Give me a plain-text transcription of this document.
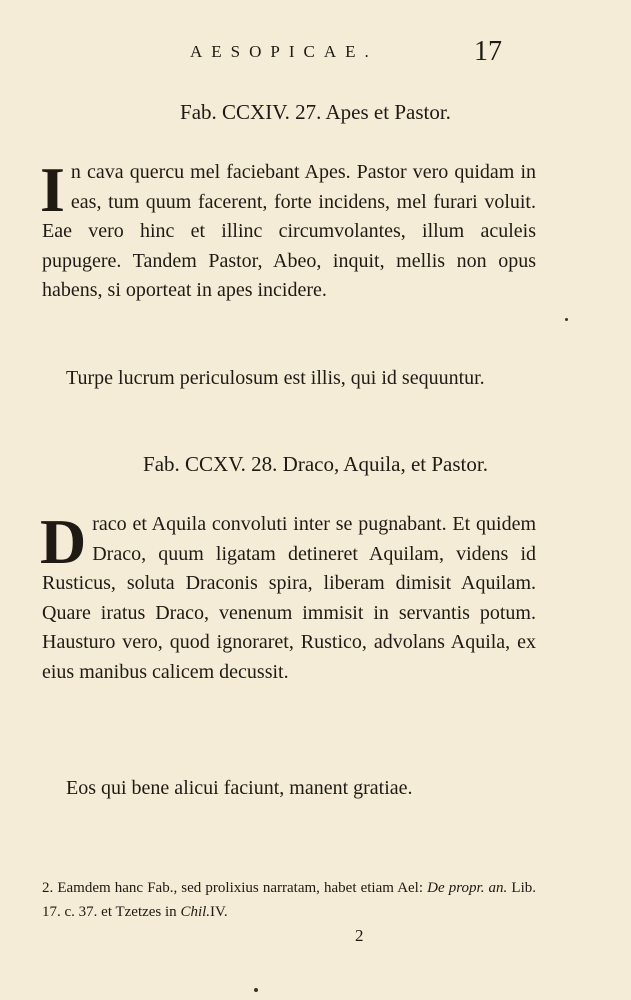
AESOPICAE.	17
Fab. CCXIV. 27. Apes et Pastor.
In cava quercu mel faciebant Apes. Pastor vero quidam in eas, tum quum facerent, forte incidens, mel furari voluit. Eae vero hinc et illinc circumvolantes, illum aculeis pupugere. Tandem Pastor, Abeo, inquit, mellis non opus habens, si oporteat in apes incidere.
Turpe lucrum periculosum est illis, qui id sequuntur.
Fab. CCXV. 28. Draco, Aquila, et Pastor.
Draco et Aquila convoluti inter se pugnabant. Et quidem Draco, quum ligatam detineret Aquilam, videns id Rusticus, soluta Draconis spira, liberam dimisit Aquilam. Quare iratus Draco, venenum immisit in servantis potum. Hausturo vero, quod ignoraret, Rustico, advolans Aquila, ex eius manibus calicem decussit.
Eos qui bene alicui faciunt, manent gratiae.
2. Eamdem hanc Fab., sed prolixius narratam, habet etiam Ael: De propr. an. Lib. 17. c. 37. et Tzetzes in Chil.IV.
2
